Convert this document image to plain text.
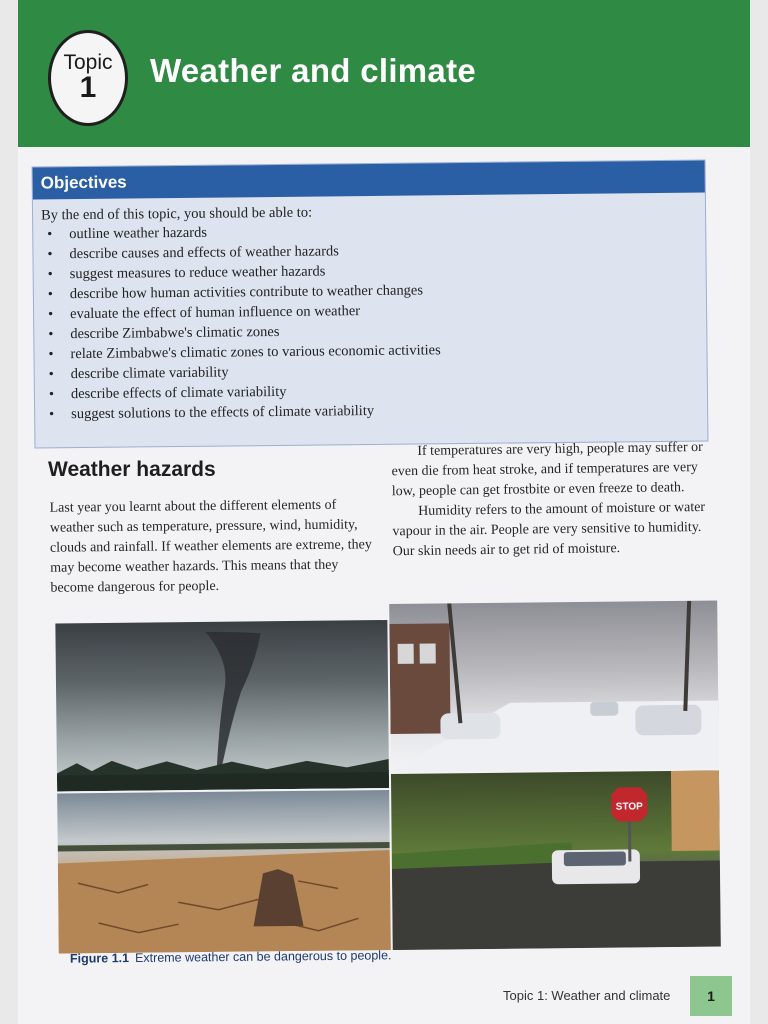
Topic
1	Weather and climate
Objectives
By the end of this topic, you should be able to:
• outline weather hazards
• describe causes and effects of weather hazards
• suggest measures to reduce weather hazards
• describe how human activities contribute to weather changes
• evaluate the effect of human influence on weather
• describe Zimbabwe's climatic zones
• relate Zimbabwe's climatic zones to various economic activities
• describe climate variability
• describe effects of climate variability
• suggest solutions to the effects of climate variability
Weather hazards

Last year you learnt about the different elements of weather such as temperature, pressure, wind, humidity, clouds and rainfall. If weather elements are extreme, they may become weather hazards. This means that they become dangerous for people.

If temperatures are very high, people may suffer or even die from heat stroke, and if temperatures are very low, people can get frostbite or even freeze to death.

Humidity refers to the amount of moisture or water vapour in the air. People are very sensitive to humidity. Our skin needs air to get rid of moisture.

STOP
Figure 1.1 Extreme weather can be dangerous to people.
Topic 1: Weather and climate	1
